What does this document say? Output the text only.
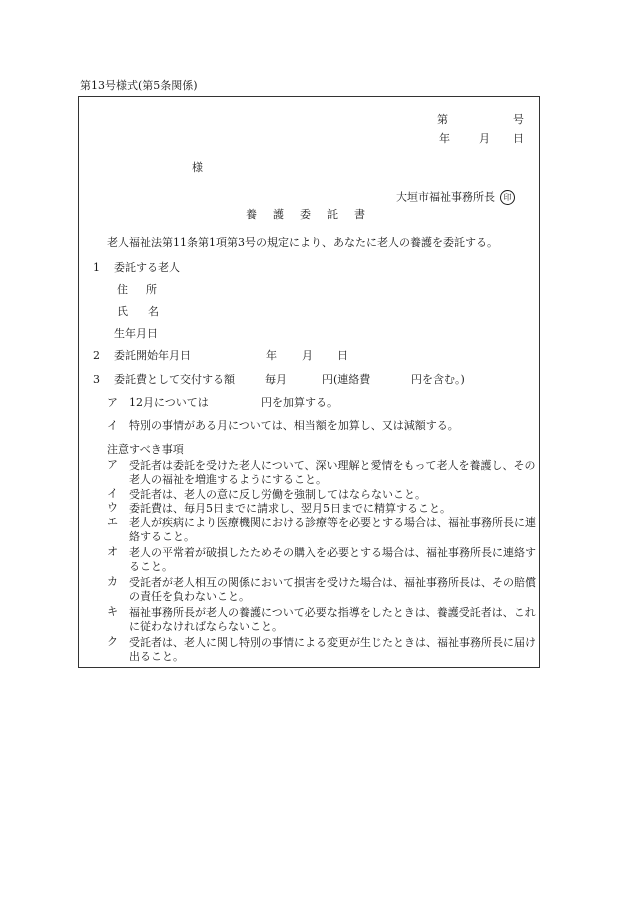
第13号様式(第5条関係)
第	号
年	月 日
様
大垣市福祉事務所長 印
養 護 委 託 書
老人福祉法第11条第1項第3号の規定により、あなたに老人の養護を委託する。
1 委託する老人
住 所
氏 名
生年月日
2 委託開始年月日	年 月 日
3 委託費として交付する額	毎月	円(連絡費	円を含む。)
ア 12月については	円を加算する。
イ 特別の事情がある月については、相当額を加算し、又は減額する。
注意すべき事項
ア 受託者は委託を受けた老人について、深い理解と愛情をもって老人を養護し、その老人の福祉を増進するようにすること。
イ 受託者は、老人の意に反し労働を強制してはならないこと。
ウ 委託費は、毎月5日までに請求し、翌月5日までに精算すること。
エ 老人が疾病により医療機関における診療等を必要とする場合は、福祉事務所長に連絡すること。
オ 老人の平常着が破損したためその購入を必要とする場合は、福祉事務所長に連絡すること。
カ 受託者が老人相互の関係において損害を受けた場合は、福祉事務所長は、その賠償の責任を負わないこと。
キ 福祉事務所長が老人の養護について必要な指導をしたときは、養護受託者は、これに従わなければならないこと。
ク 受託者は、老人に関し特別の事情による変更が生じたときは、福祉事務所長に届け出ること。
